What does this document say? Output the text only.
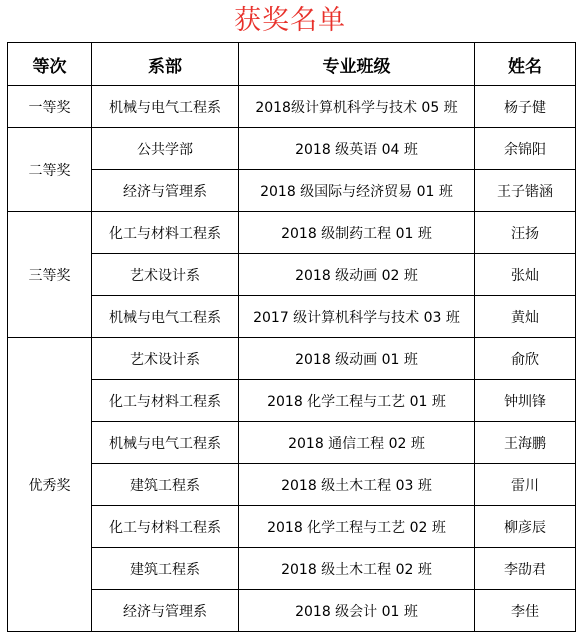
获奖名单
等次	系部	专业班级	姓名
一等奖	机械与电气工程系	2018级计算机科学与技术 05 班	杨子健
二等奖	公共学部	2018 级英语 04 班	余锦阳
	经济与管理系	2018 级国际与经济贸易 01 班	王子锴涵
三等奖	化工与材料工程系	2018 级制药工程 01 班	汪扬
	艺术设计系	2018 级动画 02 班	张灿
	机械与电气工程系	2017 级计算机科学与技术 03 班	黄灿
优秀奖	艺术设计系	2018 级动画 01 班	俞欣
	化工与材料工程系	2018 化学工程与工艺 01 班	钟圳锋
	机械与电气工程系	2018 通信工程 02 班	王海鹏
	建筑工程系	2018 级土木工程 03 班	雷川
	化工与材料工程系	2018 化学工程与工艺 02 班	柳彦辰
	建筑工程系	2018 级土木工程 02 班	李劭君
	经济与管理系	2018 级会计 01 班	李佳
